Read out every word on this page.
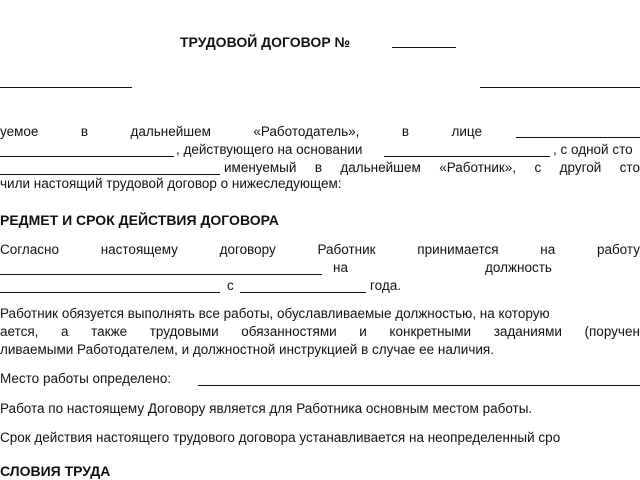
ТРУДОВОЙ ДОГОВОР №
уемое	в	дальнейшем	«Работодатель»,	в	лице
, действующего на основании	, с одной сто
именуемый в дальнейшем «Работник», с другой сто
чили настоящий трудовой договор о нижеследующем:
РЕДМЕТ И СРОК ДЕЙСТВИЯ ДОГОВОРА
Согласно	настоящему	договору	Работник	принимается	на	работу
на	должность
с	года.
Работник обязуется выполнять все работы, обуславливаемые должностью, на которую
ается, а также трудовыми обязанностями и конкретными заданиями (поручен
ливаемыми Работодателем, и должностной инструкцией в случае ее наличия.
Место работы определено:
Работа по настоящему Договору является для Работника основным местом работы.
Срок действия настоящего трудового договора устанавливается на неопределенный сро
СЛОВИЯ ТРУДА
